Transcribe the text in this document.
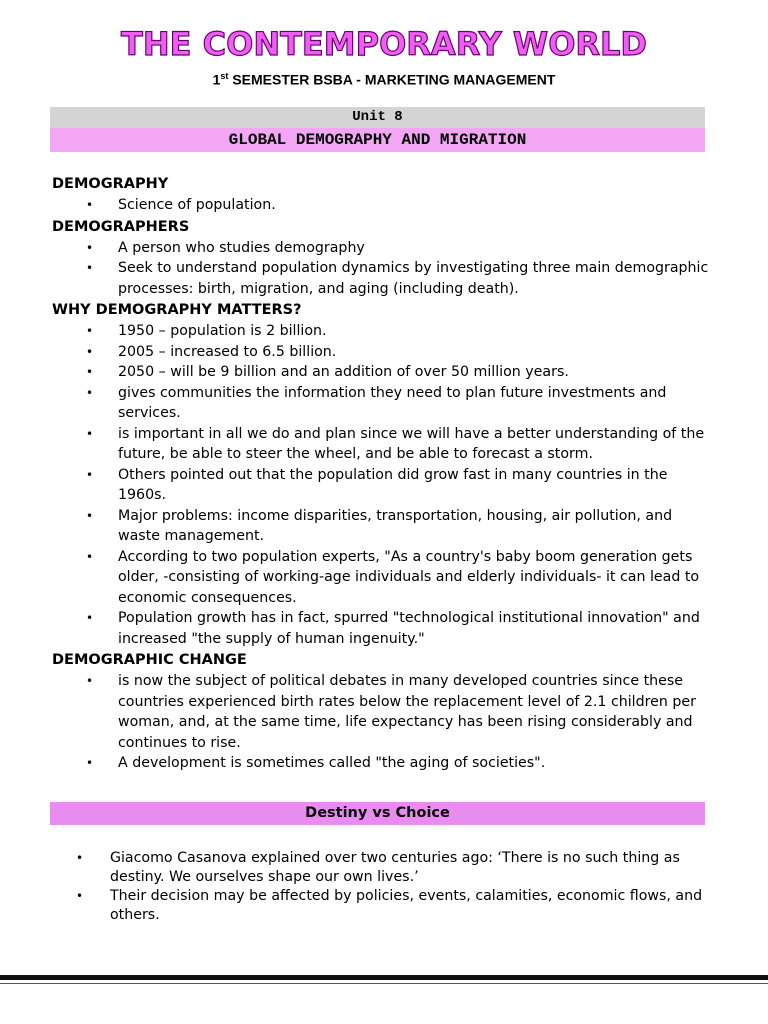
THE CONTEMPORARY WORLD
1st SEMESTER BSBA - MARKETING MANAGEMENT
Unit 8
GLOBAL DEMOGRAPHY AND MIGRATION
DEMOGRAPHY
• Science of population.
DEMOGRAPHERS
• A person who studies demography
• Seek to understand population dynamics by investigating three main demographic processes: birth, migration, and aging (including death).
WHY DEMOGRAPHY MATTERS?
• 1950 – population is 2 billion.
• 2005 – increased to 6.5 billion.
• 2050 – will be 9 billion and an addition of over 50 million years.
• gives communities the information they need to plan future investments and services.
• is important in all we do and plan since we will have a better understanding of the future, be able to steer the wheel, and be able to forecast a storm.
• Others pointed out that the population did grow fast in many countries in the 1960s.
• Major problems: income disparities, transportation, housing, air pollution, and waste management.
• According to two population experts, "As a country's baby boom generation gets older, -consisting of working-age individuals and elderly individuals- it can lead to economic consequences.
• Population growth has in fact, spurred "technological institutional innovation" and increased "the supply of human ingenuity."
DEMOGRAPHIC CHANGE
• is now the subject of political debates in many developed countries since these countries experienced birth rates below the replacement level of 2.1 children per woman, and, at the same time, life expectancy has been rising considerably and continues to rise.
• A development is sometimes called "the aging of societies".
Destiny vs Choice
• Giacomo Casanova explained over two centuries ago: ‘There is no such thing as destiny. We ourselves shape our own lives.’
• Their decision may be affected by policies, events, calamities, economic flows, and others.
